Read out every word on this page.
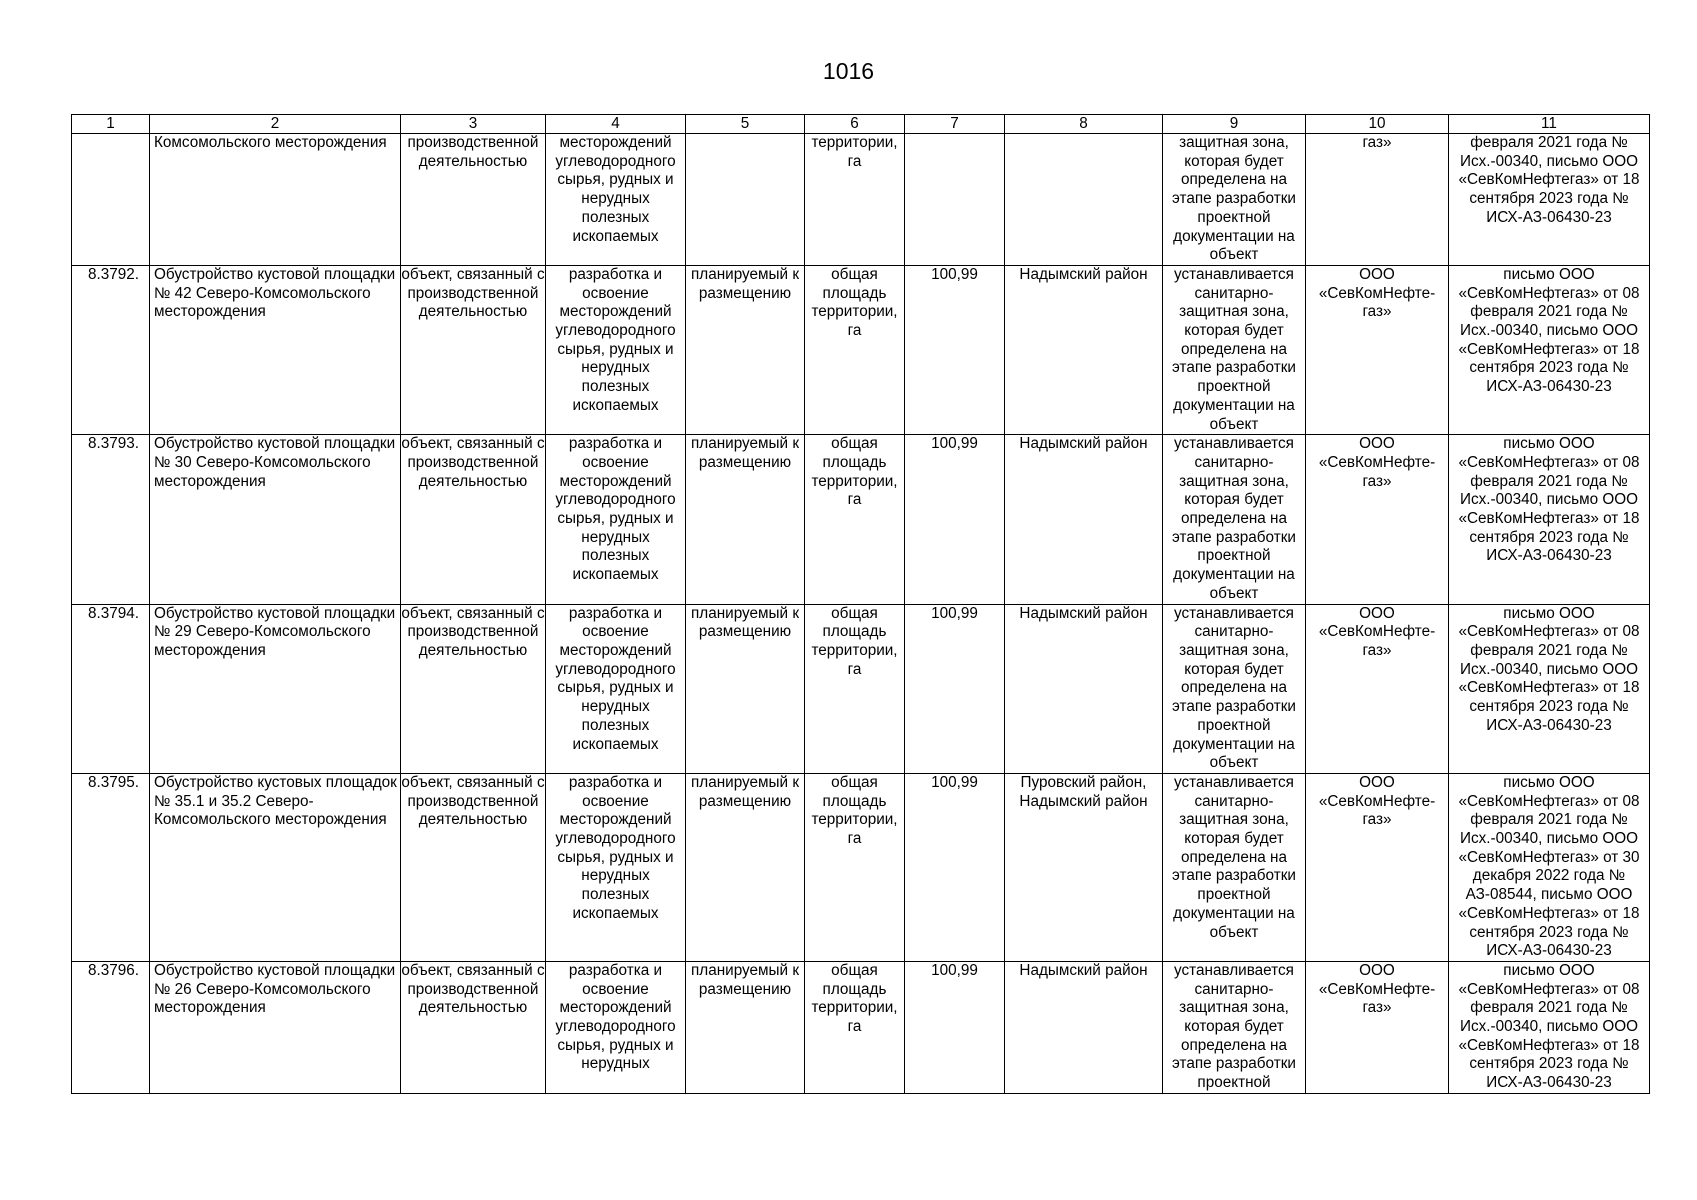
1016
1	2	3	4	5	6	7	8	9	10	11
	Комсомольского месторождения	производственной деятельностью	месторождений углеводородного сырья, рудных и нерудных полезных ископаемых		территории, га			защитная зона, которая будет определена на этапе разработки проектной документации на объект	газ»	февраля 2021 года № Исх.-00340, письмо ООО «СевКомНефтегаз» от 18 сентября 2023 года № ИСХ-АЗ-06430-23
8.3792.	Обустройство кустовой площадки № 42 Северо-Комсомольского месторождения	объект, связанный с производственной деятельностью	разработка и освоение месторождений углеводородного сырья, рудных и нерудных полезных ископаемых	планируемый к размещению	общая площадь территории, га	100,99	Надымский район	устанавливается санитарно-защитная зона, которая будет определена на этапе разработки проектной документации на объект	ООО «СевКомНефте-газ»	письмо ООО «СевКомНефтегаз» от 08 февраля 2021 года № Исх.-00340, письмо ООО «СевКомНефтегаз» от 18 сентября 2023 года № ИСХ-АЗ-06430-23
8.3793.	Обустройство кустовой площадки № 30 Северо-Комсомольского месторождения	объект, связанный с производственной деятельностью	разработка и освоение месторождений углеводородного сырья, рудных и нерудных полезных ископаемых	планируемый к размещению	общая площадь территории, га	100,99	Надымский район	устанавливается санитарно-защитная зона, которая будет определена на этапе разработки проектной документации на объект	ООО «СевКомНефте-газ»	письмо ООО «СевКомНефтегаз» от 08 февраля 2021 года № Исх.-00340, письмо ООО «СевКомНефтегаз» от 18 сентября 2023 года № ИСХ-АЗ-06430-23
8.3794.	Обустройство кустовой площадки № 29 Северо-Комсомольского месторождения	объект, связанный с производственной деятельностью	разработка и освоение месторождений углеводородного сырья, рудных и нерудных полезных ископаемых	планируемый к размещению	общая площадь территории, га	100,99	Надымский район	устанавливается санитарно-защитная зона, которая будет определена на этапе разработки проектной документации на объект	ООО «СевКомНефте-газ»	письмо ООО «СевКомНефтегаз» от 08 февраля 2021 года № Исх.-00340, письмо ООО «СевКомНефтегаз» от 18 сентября 2023 года № ИСХ-АЗ-06430-23
8.3795.	Обустройство кустовых площадок № 35.1 и 35.2 Северо-Комсомольского месторождения	объект, связанный с производственной деятельностью	разработка и освоение месторождений углеводородного сырья, рудных и нерудных полезных ископаемых	планируемый к размещению	общая площадь территории, га	100,99	Пуровский район, Надымский район	устанавливается санитарно-защитная зона, которая будет определена на этапе разработки проектной документации на объект	ООО «СевКомНефте-газ»	письмо ООО «СевКомНефтегаз» от 08 февраля 2021 года № Исх.-00340, письмо ООО «СевКомНефтегаз» от 30 декабря 2022 года № АЗ-08544, письмо ООО «СевКомНефтегаз» от 18 сентября 2023 года № ИСХ-АЗ-06430-23
8.3796.	Обустройство кустовой площадки № 26 Северо-Комсомольского месторождения	объект, связанный с производственной деятельностью	разработка и освоение месторождений углеводородного сырья, рудных и нерудных	планируемый к размещению	общая площадь территории, га	100,99	Надымский район	устанавливается санитарно-защитная зона, которая будет определена на этапе разработки проектной	ООО «СевКомНефте-газ»	письмо ООО «СевКомНефтегаз» от 08 февраля 2021 года № Исх.-00340, письмо ООО «СевКомНефтегаз» от 18 сентября 2023 года № ИСХ-АЗ-06430-23
